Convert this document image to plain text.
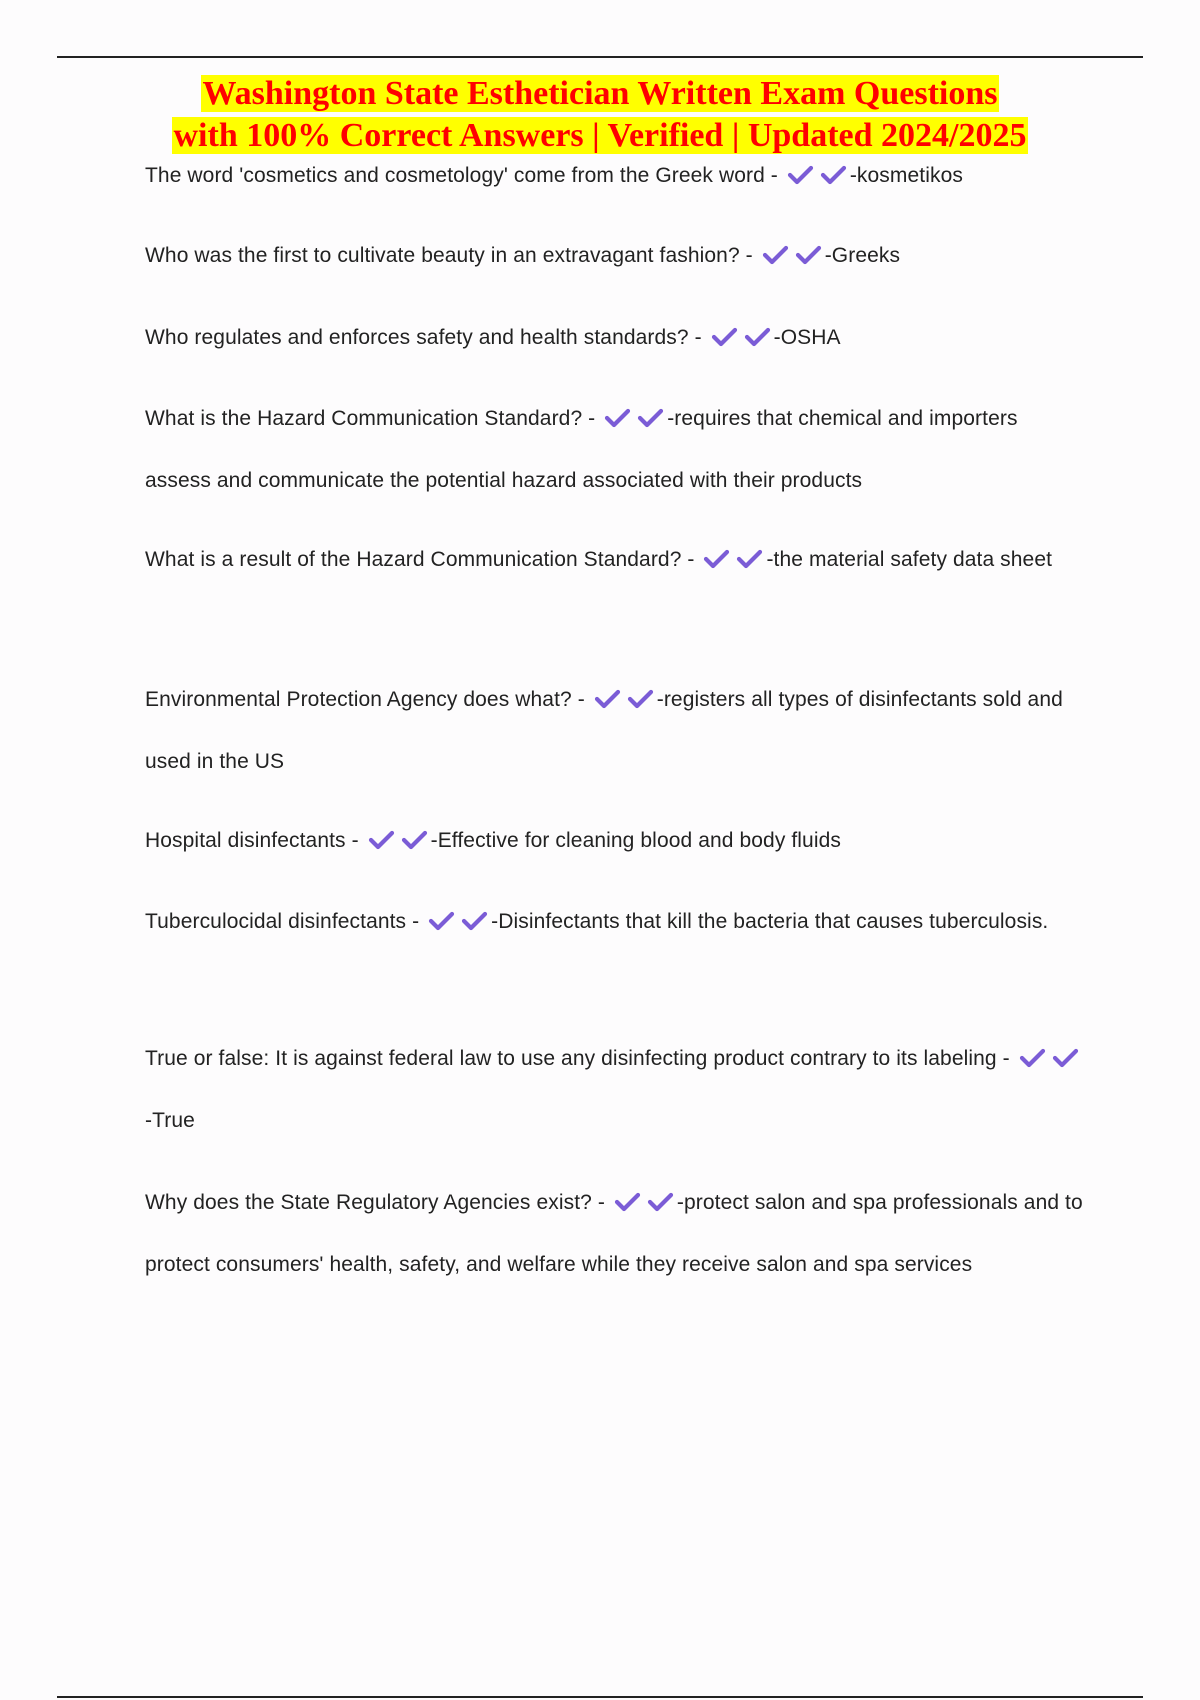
Washington State Esthetician Written Exam Questions
with 100% Correct Answers | Verified | Updated 2024/2025
The word 'cosmetics and cosmetology' come from the Greek word -	-kosmetikos
Who was the first to cultivate beauty in an extravagant fashion? -	-Greeks
Who regulates and enforces safety and health standards? -	-OSHA
What is the Hazard Communication Standard? -	-requires that chemical and importers assess and communicate the potential hazard associated with their products
What is a result of the Hazard Communication Standard? -	-the material safety data sheet
Environmental Protection Agency does what? -	-registers all types of disinfectants sold and used in the US
Hospital disinfectants -	-Effective for cleaning blood and body fluids
Tuberculocidal disinfectants -	-Disinfectants that kill the bacteria that causes tuberculosis.
True or false: It is against federal law to use any disinfecting product contrary to its labeling -
-True
Why does the State Regulatory Agencies exist? -	-protect salon and spa professionals and to protect consumers' health, safety, and welfare while they receive salon and spa services
